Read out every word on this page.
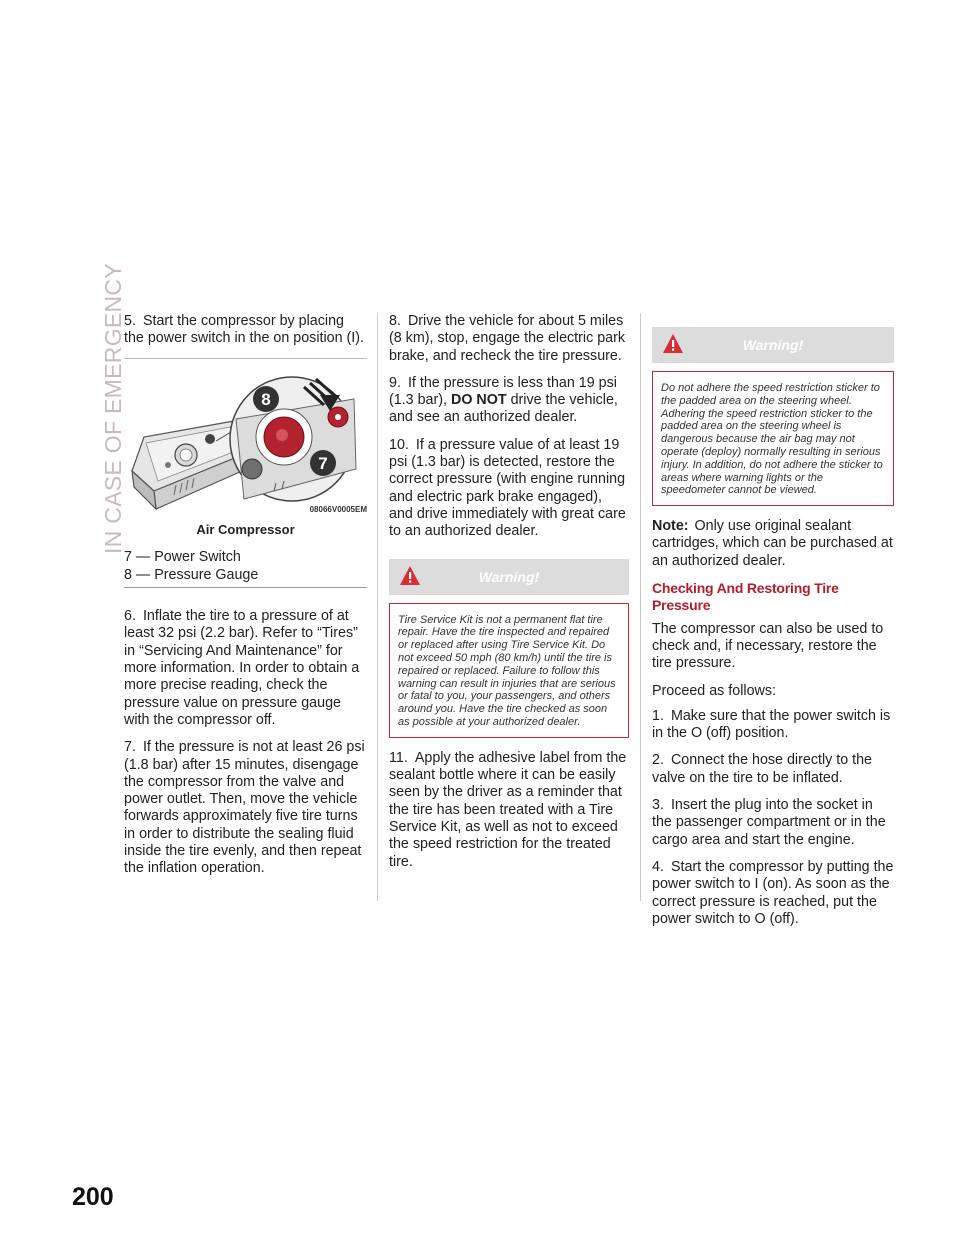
IN CASE OF EMERGENCY

5. Start the compressor by placing the power switch in the on position (I).

8
7
08066V0005EM
Air Compressor
7 — Power Switch
8 — Pressure Gauge

6. Inflate the tire to a pressure of at least 32 psi (2.2 bar). Refer to “Tires” in “Servicing And Maintenance” for more information. In order to obtain a more precise reading, check the pressure value on pressure gauge with the compressor off.

7. If the pressure is not at least 26 psi (1.8 bar) after 15 minutes, disengage the compressor from the valve and power outlet. Then, move the vehicle forwards approximately five tire turns in order to distribute the sealing fluid inside the tire evenly, and then repeat the inflation operation.

8. Drive the vehicle for about 5 miles (8 km), stop, engage the electric park brake, and recheck the tire pressure.

9. If the pressure is less than 19 psi (1.3 bar), DO NOT drive the vehicle, and see an authorized dealer.

10. If a pressure value of at least 19 psi (1.3 bar) is detected, restore the correct pressure (with engine running and electric park brake engaged), and drive immediately with great care to an authorized dealer.

Warning!
Tire Service Kit is not a permanent flat tire repair. Have the tire inspected and repaired or replaced after using Tire Service Kit. Do not exceed 50 mph (80 km/h) until the tire is repaired or replaced. Failure to follow this warning can result in injuries that are serious or fatal to you, your passengers, and others around you. Have the tire checked as soon as possible at your authorized dealer.

11. Apply the adhesive label from the sealant bottle where it can be easily seen by the driver as a reminder that the tire has been treated with a Tire Service Kit, as well as not to exceed the speed restriction for the treated tire.

Warning!
Do not adhere the speed restriction sticker to the padded area on the steering wheel. Adhering the speed restriction sticker to the padded area on the steering wheel is dangerous because the air bag may not operate (deploy) normally resulting in serious injury. In addition, do not adhere the sticker to areas where warning lights or the speedometer cannot be viewed.

Note: Only use original sealant cartridges, which can be purchased at an authorized dealer.

Checking And Restoring Tire Pressure

The compressor can also be used to check and, if necessary, restore the tire pressure.

Proceed as follows:

1. Make sure that the power switch is in the O (off) position.

2. Connect the hose directly to the valve on the tire to be inflated.

3. Insert the plug into the socket in the passenger compartment or in the cargo area and start the engine.

4. Start the compressor by putting the power switch to I (on). As soon as the correct pressure is reached, put the power switch to O (off).

200
